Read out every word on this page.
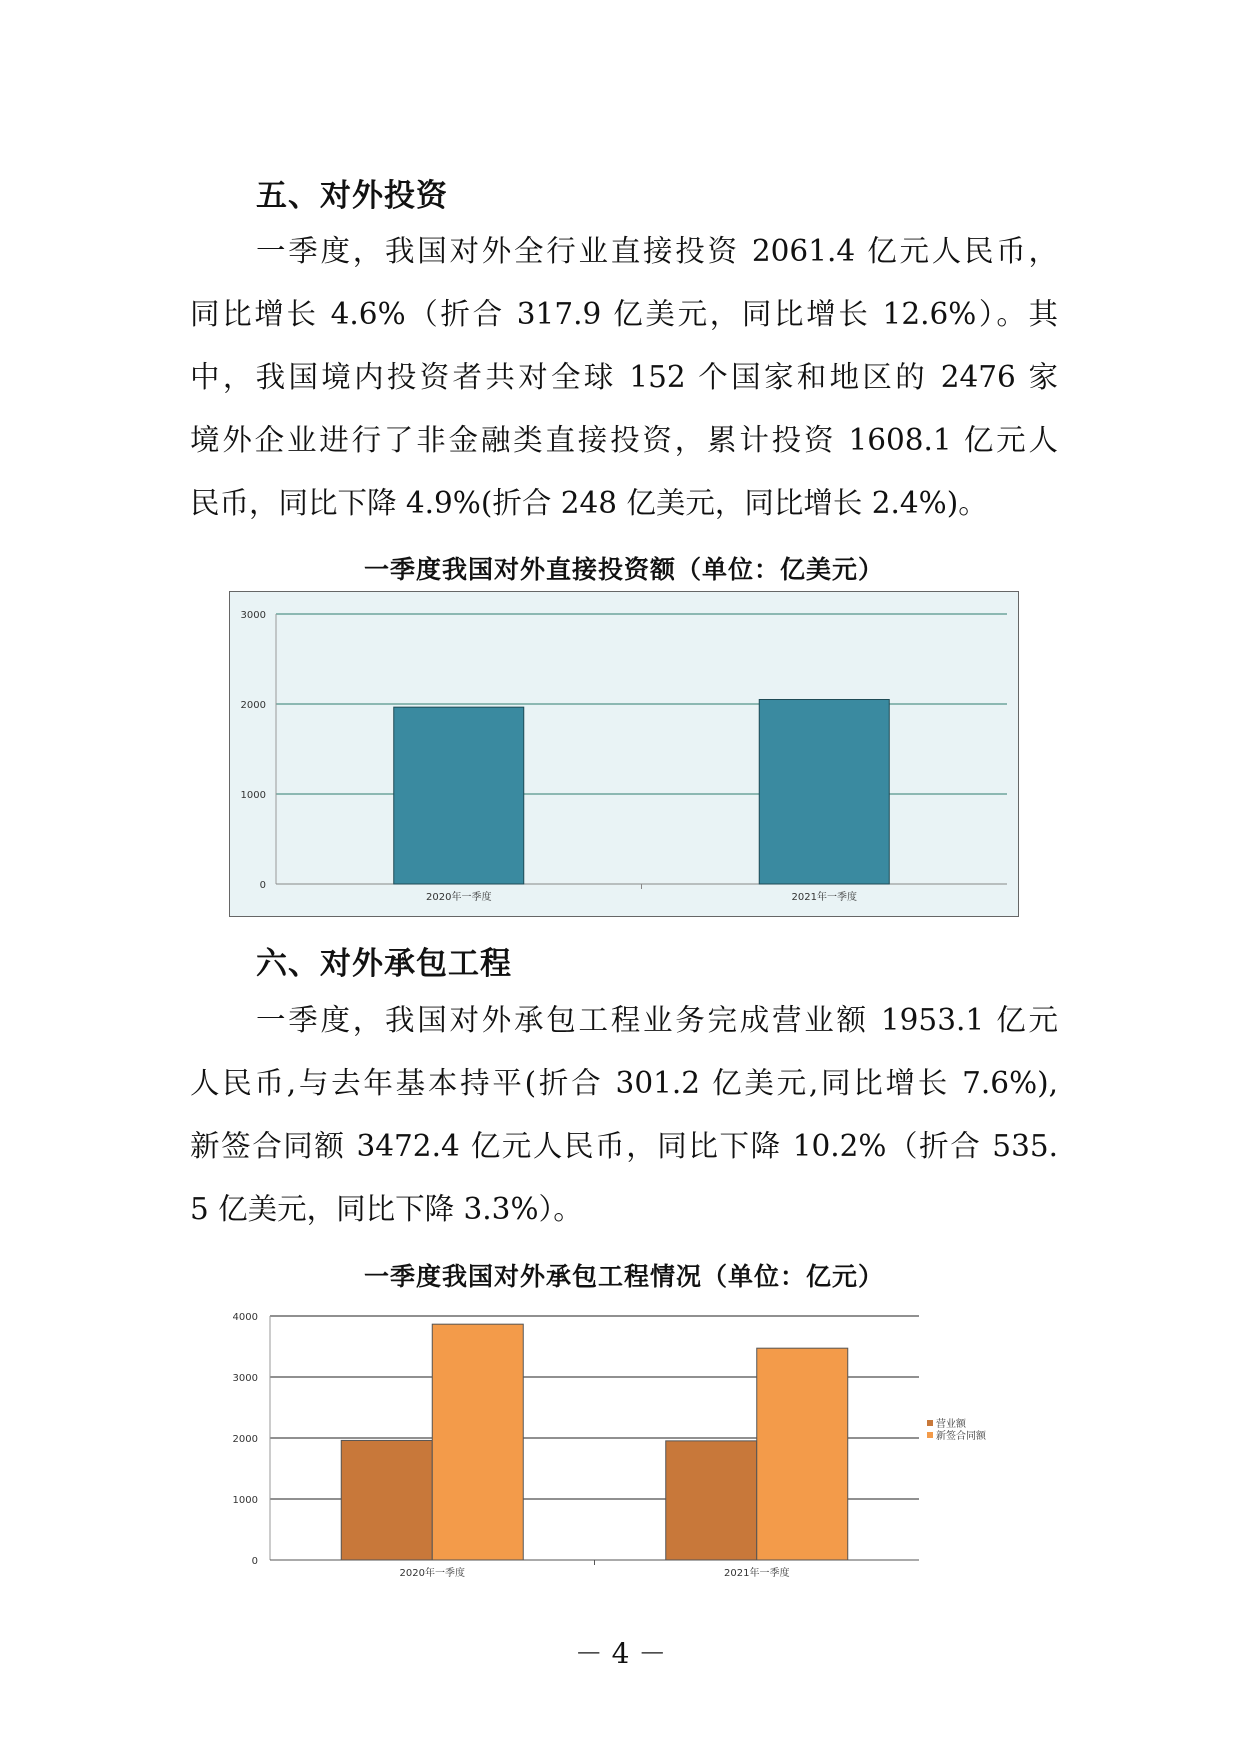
五、对外投资
一季度，我国对外全行业直接投资 2061.4 亿元人民币，
同比增长 4.6%（折合 317.9 亿美元，同比增长 12.6%）。其
中，我国境内投资者共对全球 152 个国家和地区的 2476 家
境外企业进行了非金融类直接投资，累计投资 1608.1 亿元人
民币，同比下降 4.9%(折合 248 亿美元，同比增长 2.4%)。
一季度我国对外直接投资额（单位：亿美元）
0
1000
2000
3000
2020年一季度	2021年一季度
六、对外承包工程
一季度，我国对外承包工程业务完成营业额 1953.1 亿元
人民币,与去年基本持平(折合 301.2 亿美元,同比增长 7.6%),
新签合同额 3472.4 亿元人民币，同比下降 10.2%（折合 535.
5 亿美元，同比下降 3.3%）。
一季度我国对外承包工程情况（单位：亿元）
0
1000
2000
3000
4000
2020年一季度	2021年一季度
营业额
新签合同额
－ 4 －
